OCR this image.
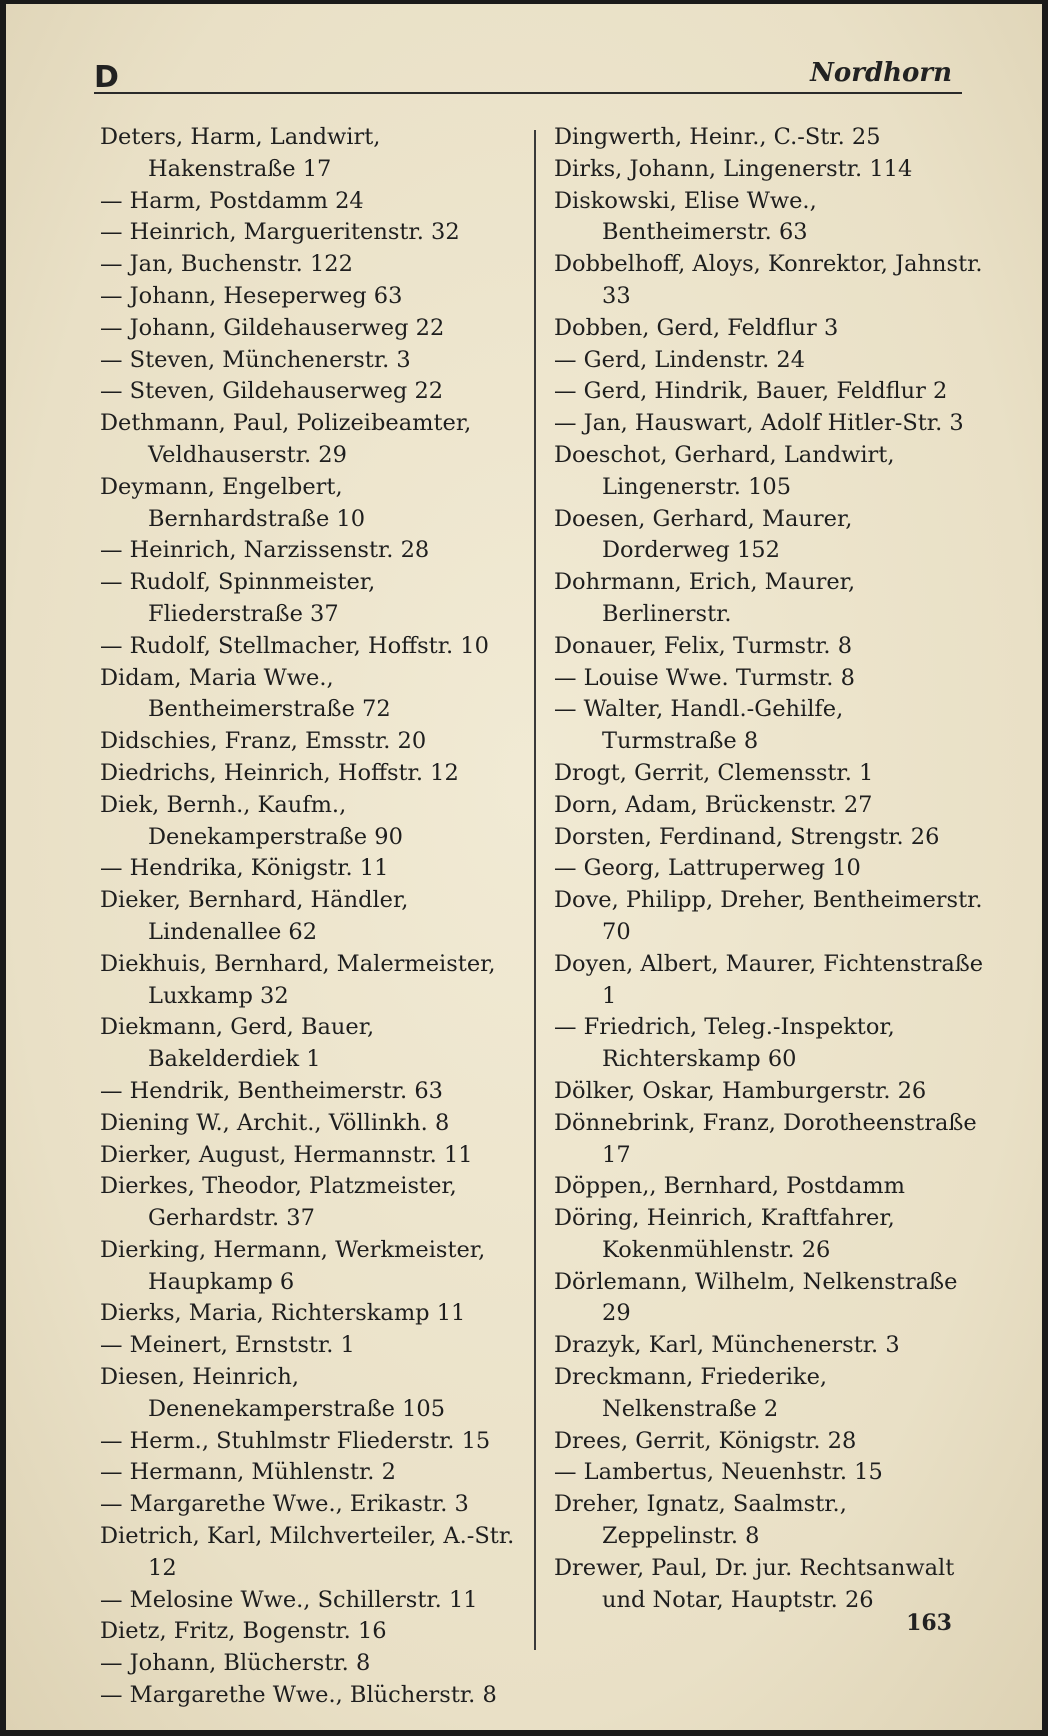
D	Nordhorn
Deters, Harm, Landwirt, Hakenstraße 17
— Harm, Postdamm 24
— Heinrich, Margueritenstr. 32
— Jan, Buchenstr. 122
— Johann, Heseperweg 63
— Johann, Gildehauserweg 22
— Steven, Münchenerstr. 3
— Steven, Gildehauserweg 22
Dethmann, Paul, Polizeibeamter, Veldhauserstr. 29
Deymann, Engelbert, Bernhardstraße 10
— Heinrich, Narzissenstr. 28
— Rudolf, Spinnmeister, Fliederstraße 37
— Rudolf, Stellmacher, Hoffstr. 10
Didam, Maria Wwe., Bentheimerstraße 72
Didschies, Franz, Emsstr. 20
Diedrichs, Heinrich, Hoffstr. 12
Diek, Bernh., Kaufm., Denekamperstraße 90
— Hendrika, Königstr. 11
Dieker, Bernhard, Händler, Lindenallee 62
Diekhuis, Bernhard, Malermeister, Luxkamp 32
Diekmann, Gerd, Bauer, Bakelderdiek 1
— Hendrik, Bentheimerstr. 63
Diening W., Archit., Völlinkh. 8
Dierker, August, Hermannstr. 11
Dierkes, Theodor, Platzmeister, Gerhardstr. 37
Dierking, Hermann, Werkmeister, Haupkamp 6
Dierks, Maria, Richterskamp 11
— Meinert, Ernststr. 1
Diesen, Heinrich, Denenekamperstraße 105
— Herm., Stuhlmstr Fliederstr. 15
— Hermann, Mühlenstr. 2
— Margarethe Wwe., Erikastr. 3
Dietrich, Karl, Milchverteiler, A.-Str. 12
— Melosine Wwe., Schillerstr. 11
Dietz, Fritz, Bogenstr. 16
— Johann, Blücherstr. 8
— Margarethe Wwe., Blücherstr. 8
Dingwerth, Heinr., C.-Str. 25
Dirks, Johann, Lingenerstr. 114
Diskowski, Elise Wwe., Bentheimerstr. 63
Dobbelhoff, Aloys, Konrektor, Jahnstr. 33
Dobben, Gerd, Feldflur 3
— Gerd, Lindenstr. 24
— Gerd, Hindrik, Bauer, Feldflur 2
— Jan, Hauswart, Adolf Hitler-Str. 3
Doeschot, Gerhard, Landwirt, Lingenerstr. 105
Doesen, Gerhard, Maurer, Dorderweg 152
Dohrmann, Erich, Maurer, Berlinerstr.
Donauer, Felix, Turmstr. 8
— Louise Wwe. Turmstr. 8
— Walter, Handl.-Gehilfe, Turmstraße 8
Drogt, Gerrit, Clemensstr. 1
Dorn, Adam, Brückenstr. 27
Dorsten, Ferdinand, Strengstr. 26
— Georg, Lattruperweg 10
Dove, Philipp, Dreher, Bentheimerstr. 70
Doyen, Albert, Maurer, Fichtenstraße 1
— Friedrich, Teleg.-Inspektor, Richterskamp 60
Dölker, Oskar, Hamburgerstr. 26
Dönnebrink, Franz, Dorotheenstraße 17
Döppen,, Bernhard, Postdamm
Döring, Heinrich, Kraftfahrer, Kokenmühlenstr. 26
Dörlemann, Wilhelm, Nelkenstraße 29
Drazyk, Karl, Münchenerstr. 3
Dreckmann, Friederike, Nelkenstraße 2
Drees, Gerrit, Königstr. 28
— Lambertus, Neuenhstr. 15
Dreher, Ignatz, Saalmstr., Zeppelinstr. 8
Drewer, Paul, Dr. jur. Rechtsanwalt und Notar, Hauptstr. 26
163
